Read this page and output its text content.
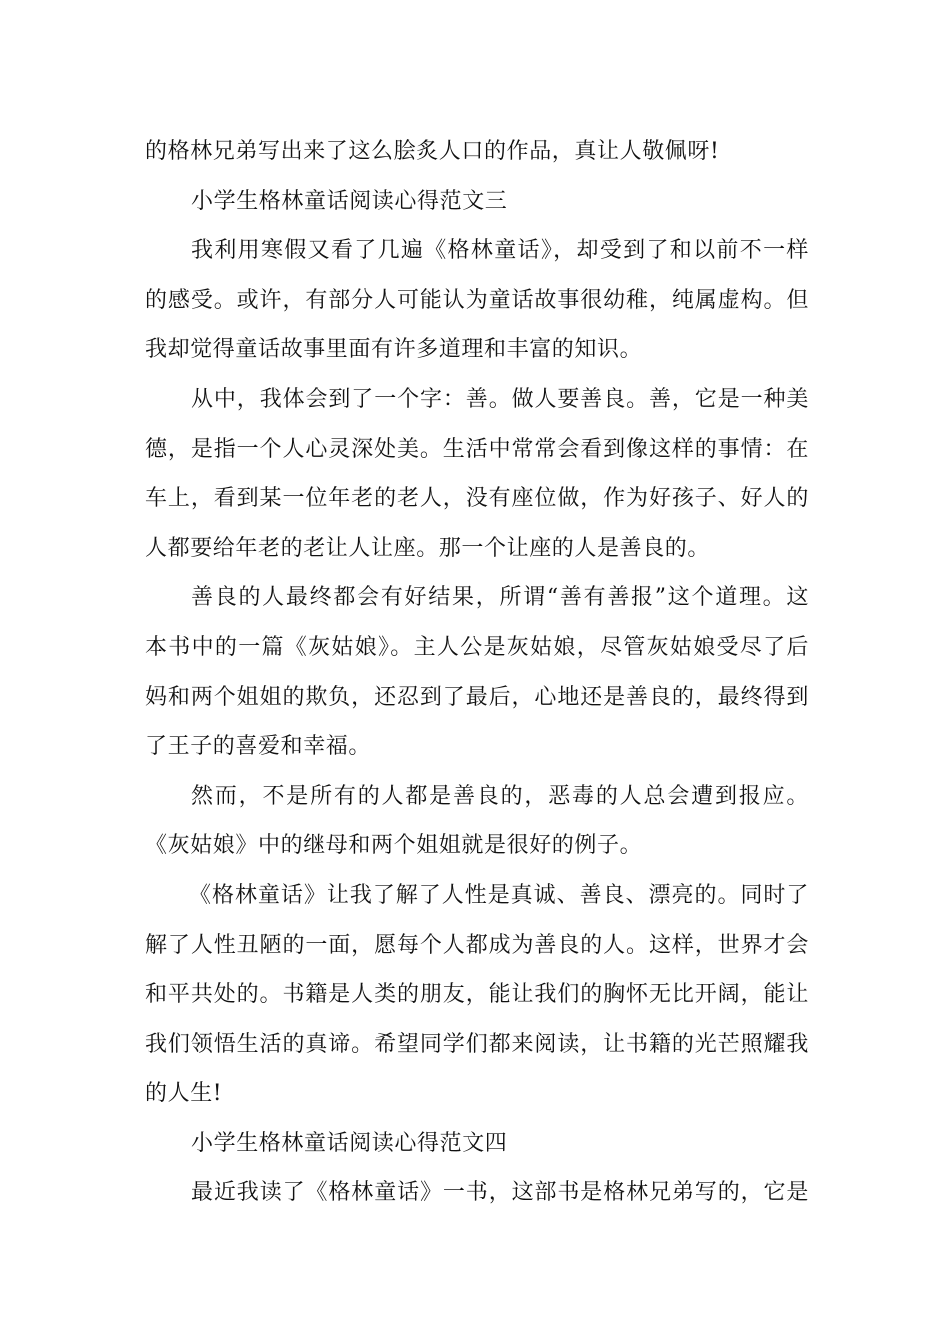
的格林兄弟写出来了这么脍炙人口的作品，真让人敬佩呀!
小学生格林童话阅读心得范文三
我利用寒假又看了几遍《格林童话》，却受到了和以前不一样
的感受。或许，有部分人可能认为童话故事很幼稚，纯属虚构。但
我却觉得童话故事里面有许多道理和丰富的知识。
从中，我体会到了一个字：善。做人要善良。善，它是一种美
德，是指一个人心灵深处美。生活中常常会看到像这样的事情：在
车上，看到某一位年老的老人，没有座位做，作为好孩子、好人的
人都要给年老的老让人让座。那一个让座的人是善良的。
善良的人最终都会有好结果，所谓“善有善报”这个道理。这
本书中的一篇《灰姑娘》。主人公是灰姑娘，尽管灰姑娘受尽了后
妈和两个姐姐的欺负，还忍到了最后，心地还是善良的，最终得到
了王子的喜爱和幸福。
然而，不是所有的人都是善良的，恶毒的人总会遭到报应。
《灰姑娘》中的继母和两个姐姐就是很好的例子。
《格林童话》让我了解了人性是真诚、善良、漂亮的。同时了
解了人性丑陋的一面，愿每个人都成为善良的人。这样，世界才会
和平共处的。书籍是人类的朋友，能让我们的胸怀无比开阔，能让
我们领悟生活的真谛。希望同学们都来阅读，让书籍的光芒照耀我
的人生!
小学生格林童话阅读心得范文四
最近我读了《格林童话》一书，这部书是格林兄弟写的，它是
